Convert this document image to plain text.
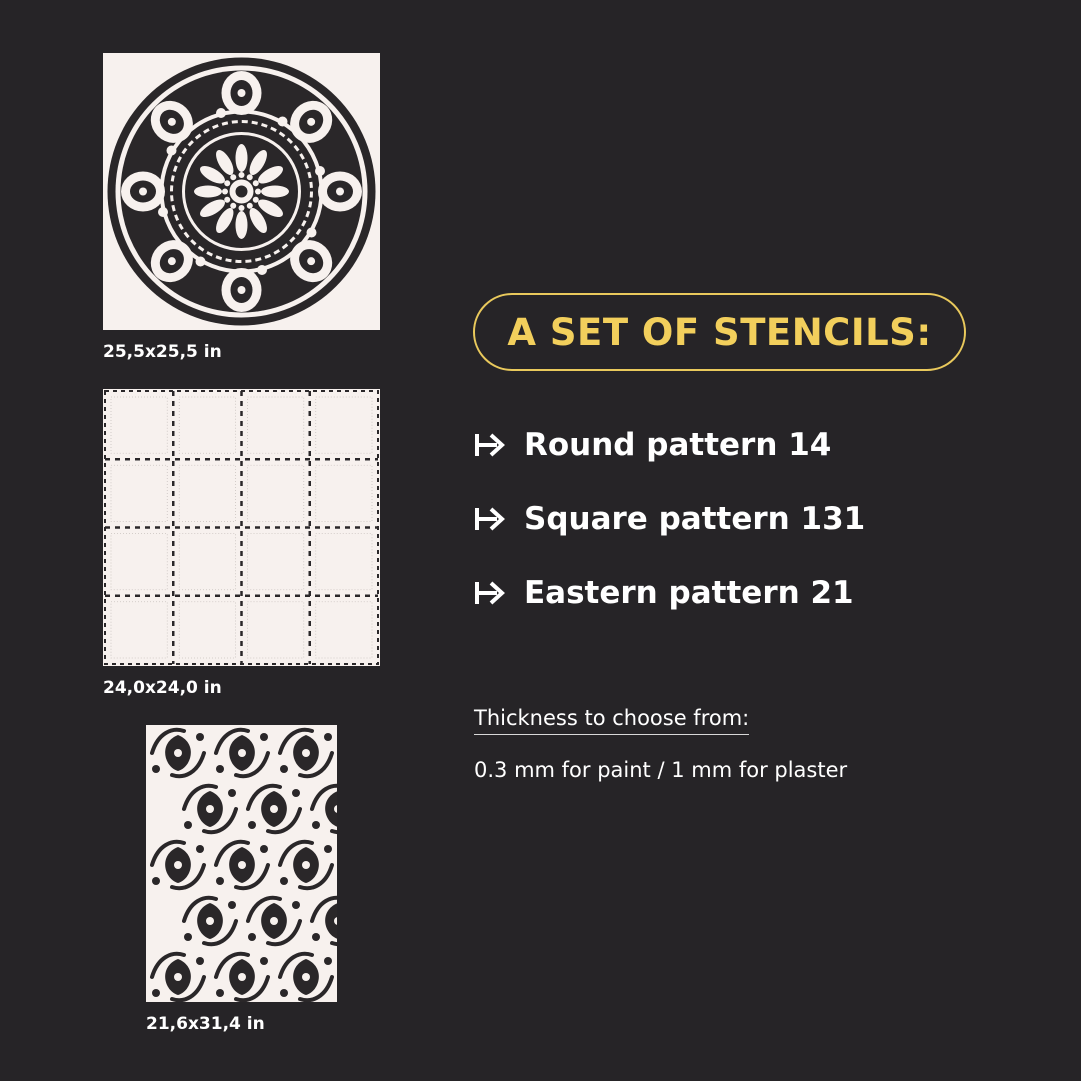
25,5x25,5 in
24,0x24,0 in
21,6x31,4 in
A SET OF STENCILS:
Round pattern 14
Square pattern 131
Eastern pattern 21
Thickness to choose from:
0.3 mm for paint / 1 mm for plaster
